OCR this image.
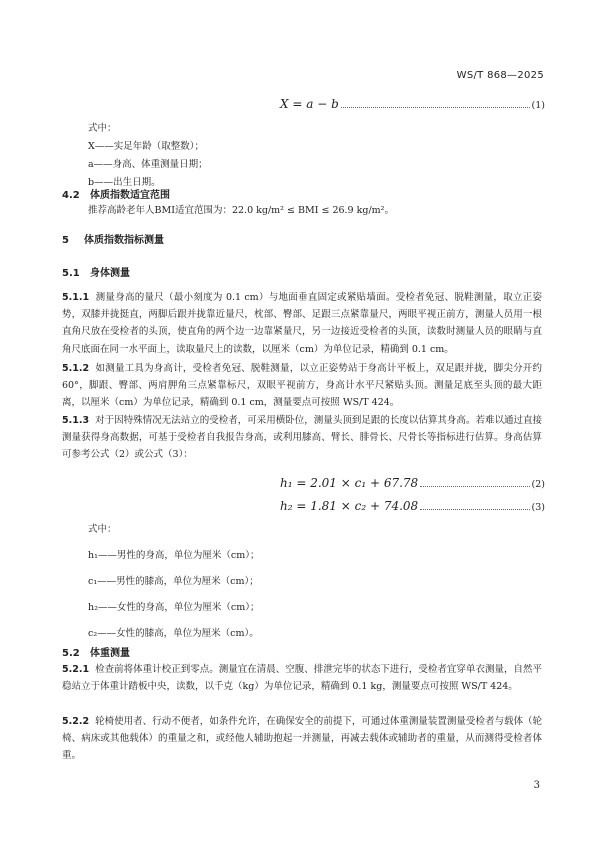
WS/T 868—2025
X = a − b	(1)
式中：
X——实足年龄（取整数）；
a——身高、体重测量日期；
b——出生日期。
4.2 体质指数适宜范围
推荐高龄老年人BMI适宜范围为：22.0 kg/m² ≤ BMI ≤ 26.9 kg/m²。
5 体质指数指标测量
5.1 身体测量
5.1.1 测量身高的量尺（最小刻度为 0.1 cm）与地面垂直固定或紧贴墙面。受检者免冠、脱鞋测量，取立正姿势，双膝并拢挺直，两脚后跟并拢靠近量尺，枕部、臀部、足跟三点紧靠量尺，两眼平视正前方，测量人员用一根直角尺放在受检者的头顶，使直角的两个边一边靠紧量尺，另一边接近受检者的头顶，读数时测量人员的眼睛与直角尺底面在同一水平面上，读取量尺上的读数，以厘米（cm）为单位记录，精确到 0.1 cm。
5.1.2 如测量工具为身高计，受检者免冠、脱鞋测量，以立正姿势站于身高计平板上，双足跟并拢，脚尖分开约 60°，脚跟、臀部、两肩胛角三点紧靠标尺，双眼平视前方，身高计水平尺紧贴头顶。测量足底至头顶的最大距离，以厘米（cm）为单位记录，精确到 0.1 cm，测量要点可按照 WS/T 424。
5.1.3 对于因特殊情况无法站立的受检者，可采用横卧位，测量头顶到足跟的长度以估算其身高。若难以通过直接测量获得身高数据，可基于受检者自我报告身高，或利用膝高、臂长、腓骨长、尺骨长等指标进行估算。身高估算可参考公式（2）或公式（3）：
h₁ = 2.01 × c₁ + 67.78	(2)
h₂ = 1.81 × c₂ + 74.08	(3)
式中：
h₁——男性的身高，单位为厘米（cm）；
c₁——男性的膝高，单位为厘米（cm）；
h₂——女性的身高，单位为厘米（cm）；
c₂——女性的膝高，单位为厘米（cm）。
5.2 体重测量
5.2.1 检查前将体重计校正到零点。测量宜在清晨、空腹、排泄完毕的状态下进行，受检者宜穿单衣测量，自然平稳站立于体重计踏板中央，读数，以千克（kg）为单位记录，精确到 0.1 kg，测量要点可按照 WS/T 424。
5.2.2 轮椅使用者、行动不便者，如条件允许，在确保安全的前提下，可通过体重测量装置测量受检者与载体（轮椅、病床或其他载体）的重量之和，或经他人辅助抱起一并测量，再减去载体或辅助者的重量，从而测得受检者体重。
3
